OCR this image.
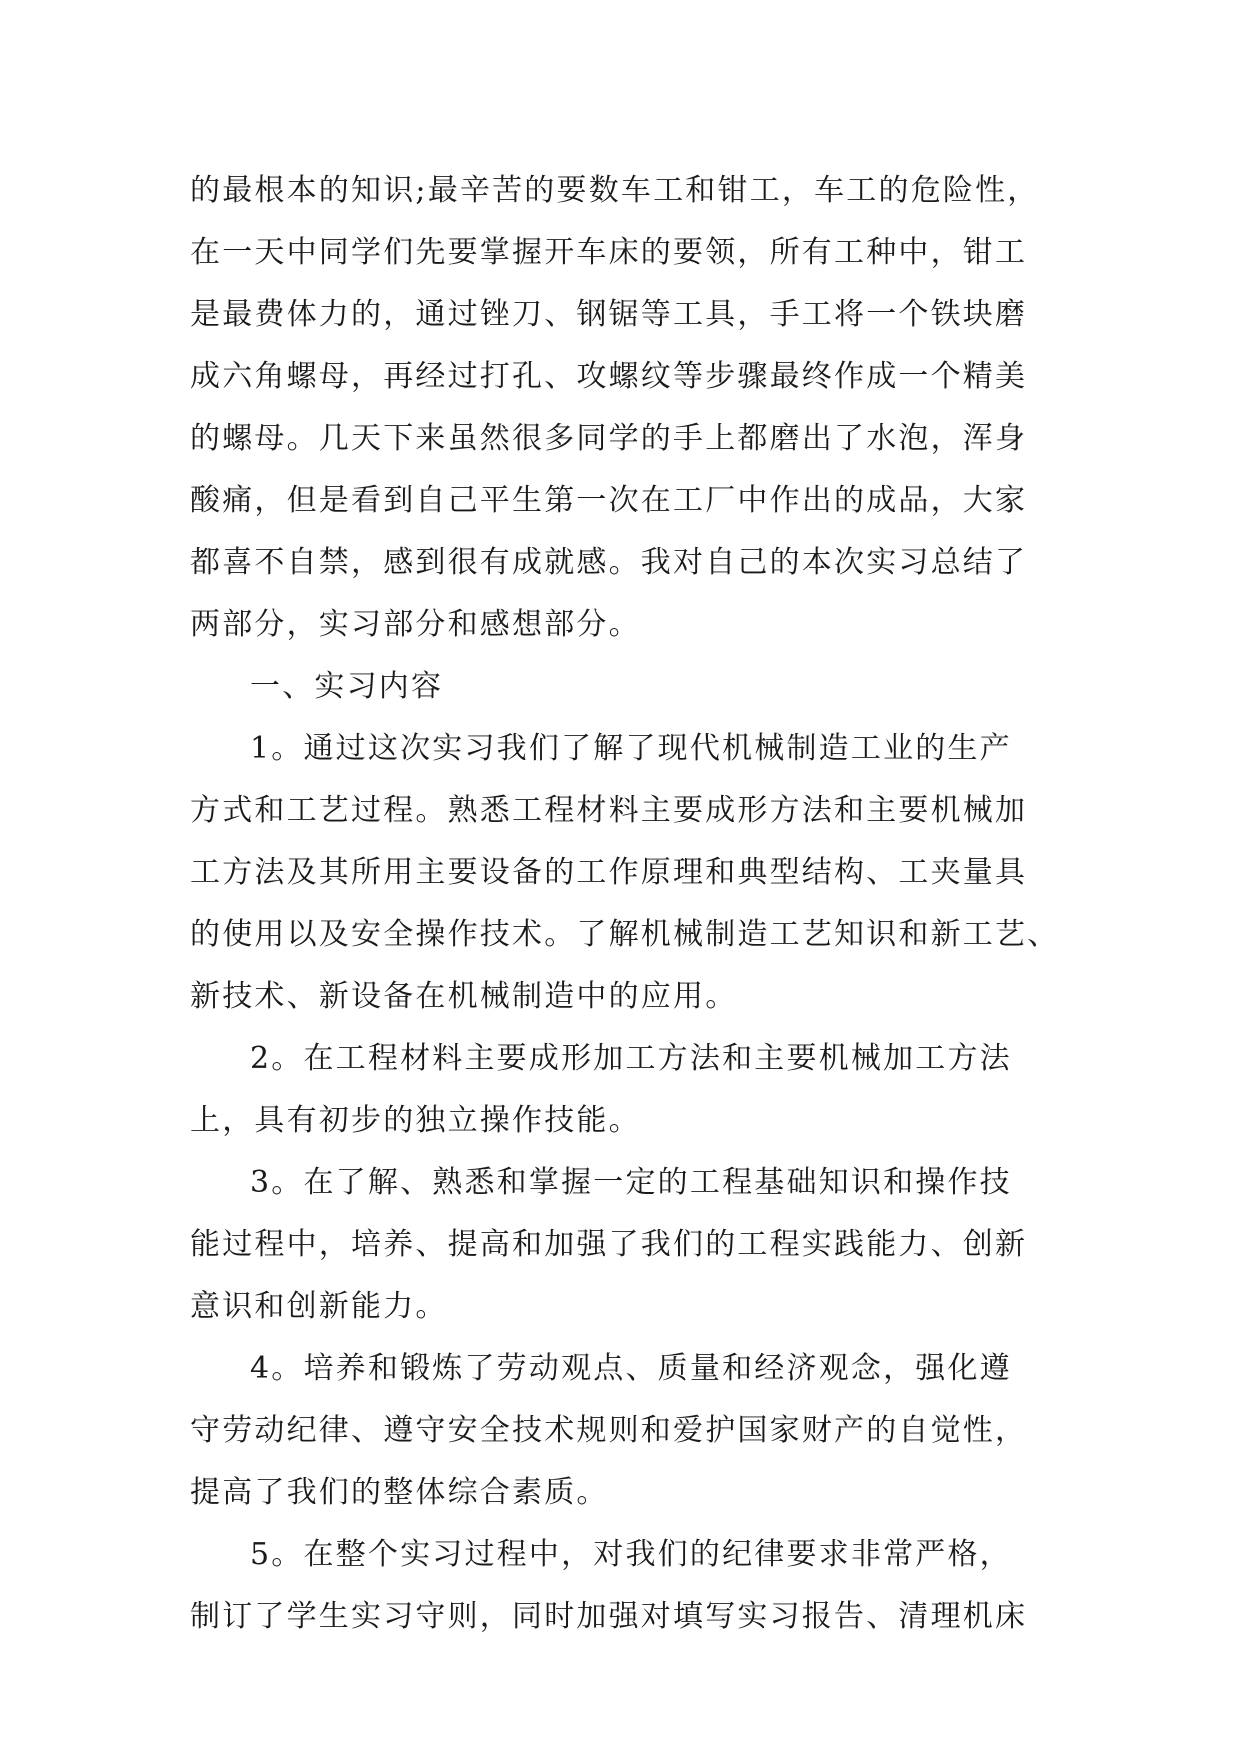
的最根本的知识;最辛苦的要数车工和钳工，车工的危险性，
在一天中同学们先要掌握开车床的要领，所有工种中，钳工
是最费体力的，通过锉刀、钢锯等工具，手工将一个铁块磨
成六角螺母，再经过打孔、攻螺纹等步骤最终作成一个精美
的螺母。几天下来虽然很多同学的手上都磨出了水泡，浑身
酸痛，但是看到自己平生第一次在工厂中作出的成品，大家
都喜不自禁，感到很有成就感。我对自己的本次实习总结了
两部分，实习部分和感想部分。
一、实习内容
1。通过这次实习我们了解了现代机械制造工业的生产
方式和工艺过程。熟悉工程材料主要成形方法和主要机械加
工方法及其所用主要设备的工作原理和典型结构、工夹量具
的使用以及安全操作技术。了解机械制造工艺知识和新工艺、
新技术、新设备在机械制造中的应用。
2。在工程材料主要成形加工方法和主要机械加工方法
上，具有初步的独立操作技能。
3。在了解、熟悉和掌握一定的工程基础知识和操作技
能过程中，培养、提高和加强了我们的工程实践能力、创新
意识和创新能力。
4。培养和锻炼了劳动观点、质量和经济观念，强化遵
守劳动纪律、遵守安全技术规则和爱护国家财产的自觉性，
提高了我们的整体综合素质。
5。在整个实习过程中，对我们的纪律要求非常严格，
制订了学生实习守则，同时加强对填写实习报告、清理机床
